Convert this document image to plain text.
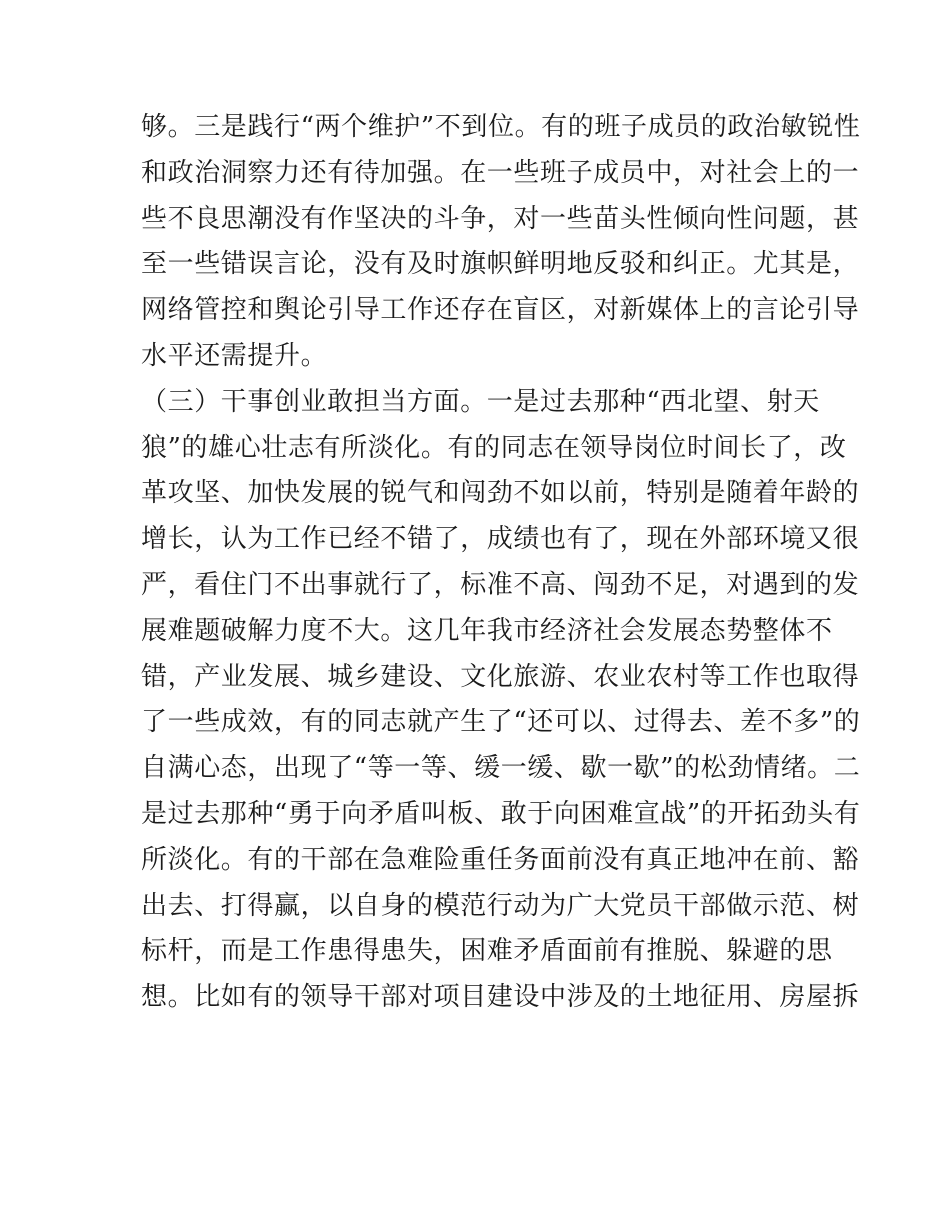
够。三是践行“两个维护”不到位。有的班子成员的政治敏锐性
和政治洞察力还有待加强。在一些班子成员中，对社会上的一
些不良思潮没有作坚决的斗争，对一些苗头性倾向性问题，甚
至一些错误言论，没有及时旗帜鲜明地反驳和纠正。尤其是，
网络管控和舆论引导工作还存在盲区，对新媒体上的言论引导
水平还需提升。
（三）干事创业敢担当方面。一是过去那种“西北望、射天
狼”的雄心壮志有所淡化。有的同志在领导岗位时间长了，改
革攻坚、加快发展的锐气和闯劲不如以前，特别是随着年龄的
增长，认为工作已经不错了，成绩也有了，现在外部环境又很
严，看住门不出事就行了，标准不高、闯劲不足，对遇到的发
展难题破解力度不大。这几年我市经济社会发展态势整体不
错，产业发展、城乡建设、文化旅游、农业农村等工作也取得
了一些成效，有的同志就产生了“还可以、过得去、差不多”的
自满心态，出现了“等一等、缓一缓、歇一歇”的松劲情绪。二
是过去那种“勇于向矛盾叫板、敢于向困难宣战”的开拓劲头有
所淡化。有的干部在急难险重任务面前没有真正地冲在前、豁
出去、打得赢，以自身的模范行动为广大党员干部做示范、树
标杆，而是工作患得患失，困难矛盾面前有推脱、躲避的思
想。比如有的领导干部对项目建设中涉及的土地征用、房屋拆
